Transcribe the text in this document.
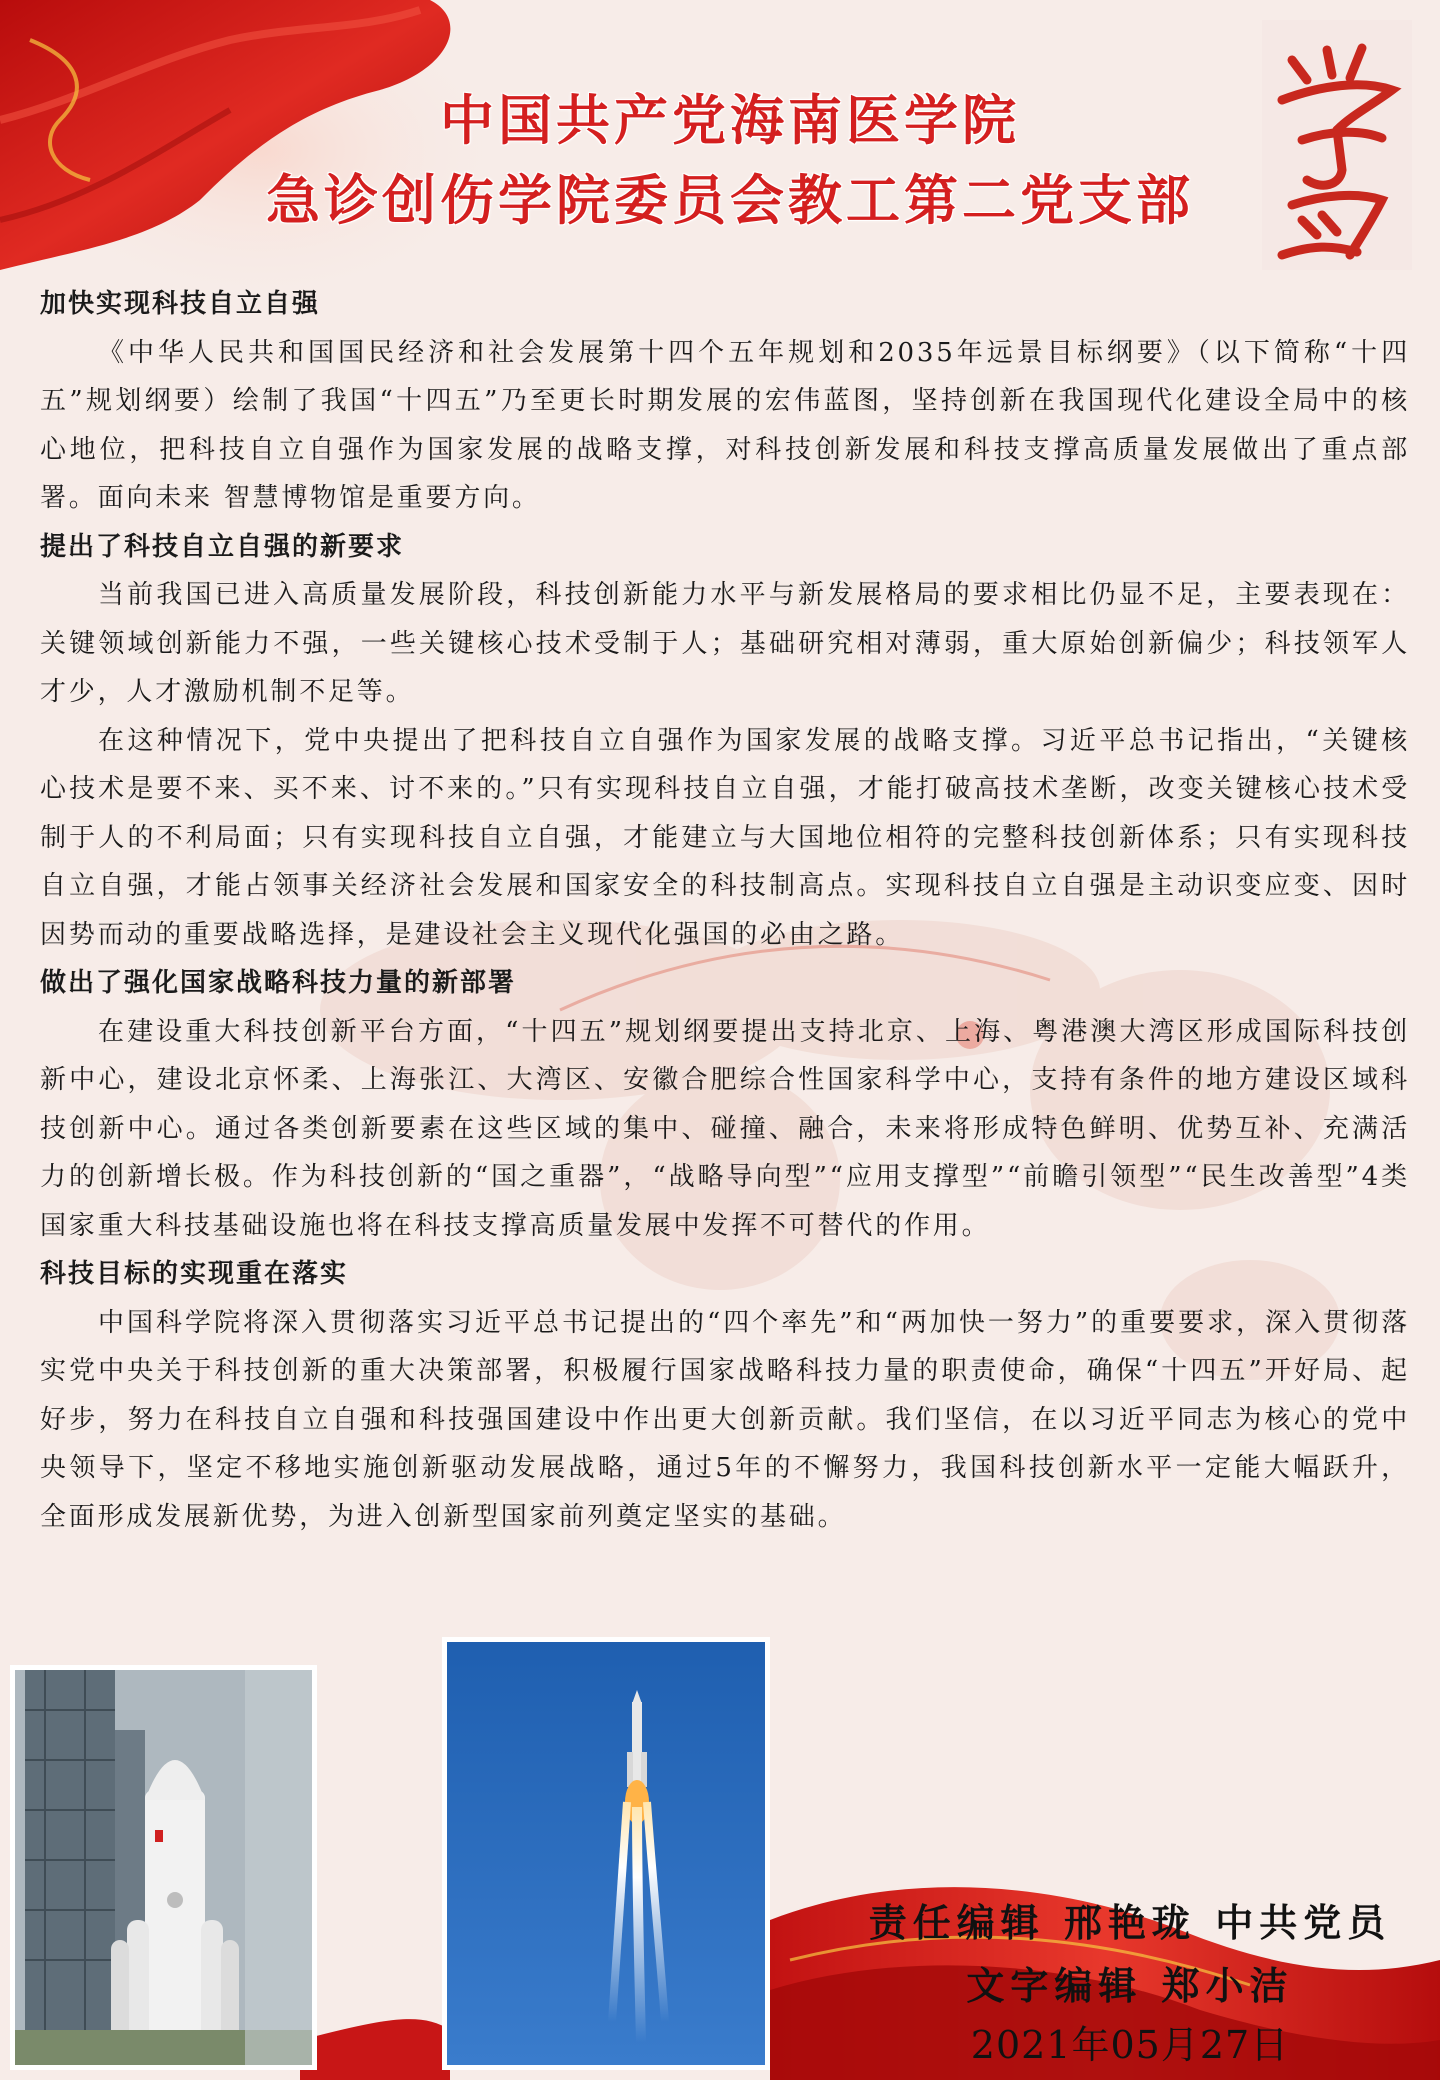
中国共产党海南医学院
急诊创伤学院委员会教工第二党支部
加快实现科技自立自强

《中华人民共和国国民经济和社会发展第十四个五年规划和2035年远景目标纲要》（以下简称“十四五”规划纲要）绘制了我国“十四五”乃至更长时期发展的宏伟蓝图，坚持创新在我国现代化建设全局中的核心地位，把科技自立自强作为国家发展的战略支撑，对科技创新发展和科技支撑高质量发展做出了重点部署。面向未来 智慧博物馆是重要方向。

提出了科技自立自强的新要求

当前我国已进入高质量发展阶段，科技创新能力水平与新发展格局的要求相比仍显不足，主要表现在：关键领域创新能力不强，一些关键核心技术受制于人；基础研究相对薄弱，重大原始创新偏少；科技领军人才少，人才激励机制不足等。

在这种情况下，党中央提出了把科技自立自强作为国家发展的战略支撑。习近平总书记指出，“关键核心技术是要不来、买不来、讨不来的。”只有实现科技自立自强，才能打破高技术垄断，改变关键核心技术受制于人的不利局面；只有实现科技自立自强，才能建立与大国地位相符的完整科技创新体系；只有实现科技自立自强，才能占领事关经济社会发展和国家安全的科技制高点。实现科技自立自强是主动识变应变、因时因势而动的重要战略选择，是建设社会主义现代化强国的必由之路。

做出了强化国家战略科技力量的新部署

在建设重大科技创新平台方面，“十四五”规划纲要提出支持北京、上海、粤港澳大湾区形成国际科技创新中心，建设北京怀柔、上海张江、大湾区、安徽合肥综合性国家科学中心，支持有条件的地方建设区域科技创新中心。通过各类创新要素在这些区域的集中、碰撞、融合，未来将形成特色鲜明、优势互补、充满活力的创新增长极。作为科技创新的“国之重器”，“战略导向型”“应用支撑型”“前瞻引领型”“民生改善型”4类国家重大科技基础设施也将在科技支撑高质量发展中发挥不可替代的作用。

科技目标的实现重在落实

中国科学院将深入贯彻落实习近平总书记提出的“四个率先”和“两加快一努力”的重要要求，深入贯彻落实党中央关于科技创新的重大决策部署，积极履行国家战略科技力量的职责使命，确保“十四五”开好局、起好步，努力在科技自立自强和科技强国建设中作出更大创新贡献。我们坚信，在以习近平同志为核心的党中央领导下，坚定不移地实施创新驱动发展战略，通过5年的不懈努力，我国科技创新水平一定能大幅跃升，全面形成发展新优势，为进入创新型国家前列奠定坚实的基础。

责任编辑 邢艳珑 中共党员
文字编辑 郑小洁
2021年05月27日
